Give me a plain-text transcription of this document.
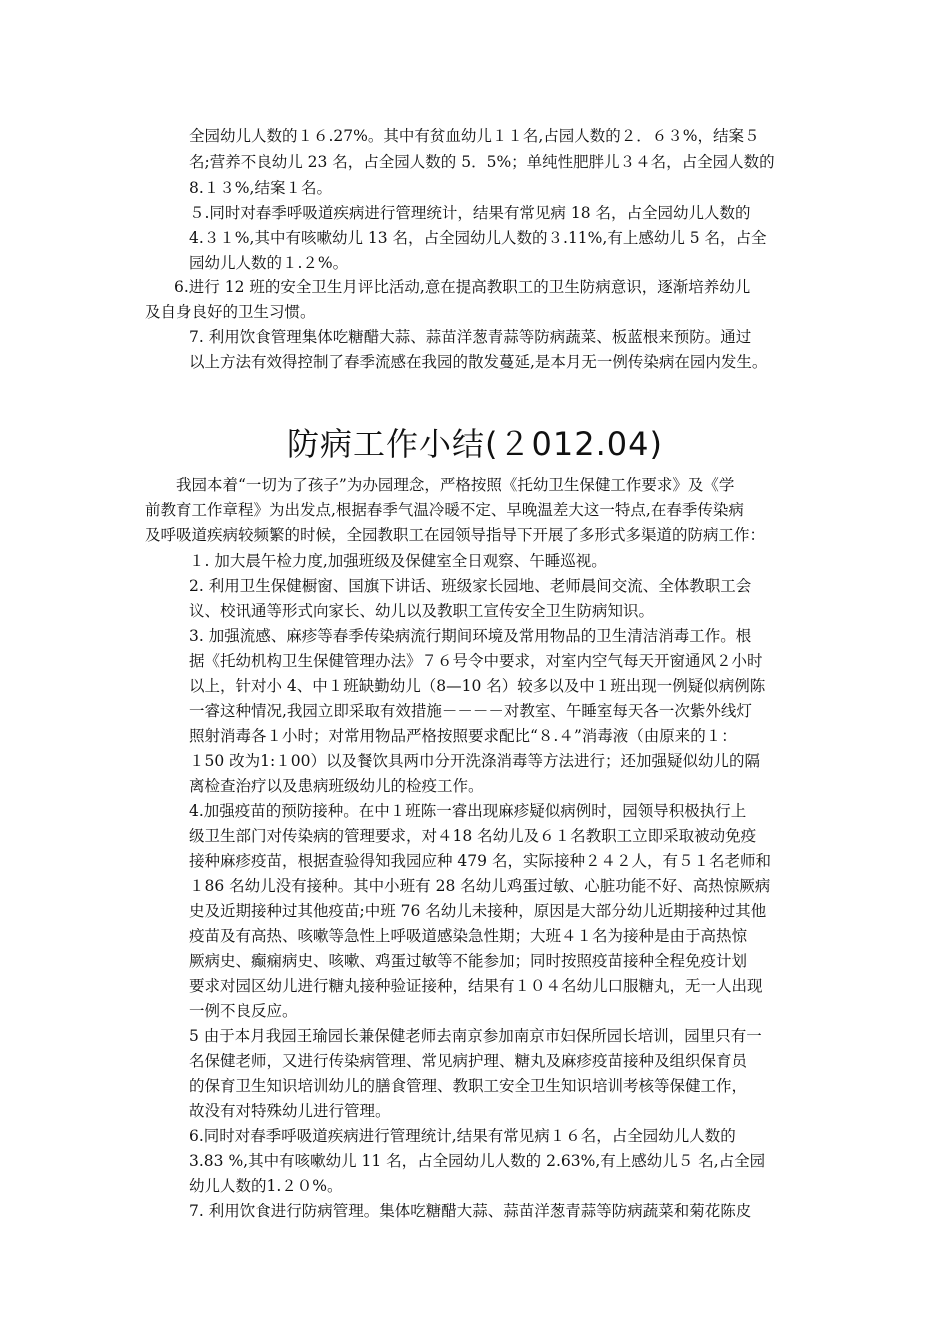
全园幼儿人数的１６.27%。其中有贫血幼儿１１名,占园人数的２．６３%，结案５
名;营养不良幼儿 23 名，占全园人数的 5．5%；单纯性肥胖儿３４名，占全园人数的
8.１３%,结案１名。
５.同时对春季呼吸道疾病进行管理统计，结果有常见病 18 名，占全园幼儿人数的
4.３１%,其中有咳嗽幼儿 13 名，占全园幼儿人数的３.11%,有上感幼儿 5 名，占全
园幼儿人数的１.２%。
6.进行 12 班的安全卫生月评比活动,意在提高教职工的卫生防病意识，逐渐培养幼儿
及自身良好的卫生习惯。
7. 利用饮食管理集体吃糖醋大蒜、蒜苗洋葱青蒜等防病蔬菜、板蓝根来预防。通过
以上方法有效得控制了春季流感在我园的散发蔓延,是本月无一例传染病在园内发生。
防病工作小结(２012.04)
我园本着“一切为了孩子”为办园理念，严格按照《托幼卫生保健工作要求》及《学
前教育工作章程》为出发点,根据春季气温冷暖不定、早晚温差大这一特点,在春季传染病
及呼吸道疾病较频繁的时候，全园教职工在园领导指导下开展了多形式多渠道的防病工作：
１. 加大晨午检力度,加强班级及保健室全日观察、午睡巡视。
2. 利用卫生保健橱窗、国旗下讲话、班级家长园地、老师晨间交流、全体教职工会
议、校讯通等形式向家长、幼儿以及教职工宣传安全卫生防病知识。
3. 加强流感、麻疹等春季传染病流行期间环境及常用物品的卫生清洁消毒工作。根
据《托幼机构卫生保健管理办法》７６号令中要求，对室内空气每天开窗通风２小时
以上，针对小 4、中１班缺勤幼儿（8—10 名）较多以及中１班出现一例疑似病例陈
一睿这种情况,我园立即采取有效措施－－－－对教室、午睡室每天各一次紫外线灯
照射消毒各１小时；对常用物品严格按照要求配比“８.４”消毒液（由原来的１：
１50 改为1:１00）以及餐饮具两巾分开洗涤消毒等方法进行；还加强疑似幼儿的隔
离检查治疗以及患病班级幼儿的检疫工作。
4.加强疫苗的预防接种。在中１班陈一睿出现麻疹疑似病例时，园领导积极执行上
级卫生部门对传染病的管理要求，对４18 名幼儿及６１名教职工立即采取被动免疫
接种麻疹疫苗，根据查验得知我园应种 479 名，实际接种２４２人，有５１名老师和
１86 名幼儿没有接种。其中小班有 28 名幼儿鸡蛋过敏、心脏功能不好、高热惊厥病
史及近期接种过其他疫苗;中班 76 名幼儿未接种，原因是大部分幼儿近期接种过其他
疫苗及有高热、咳嗽等急性上呼吸道感染急性期；大班４１名为接种是由于高热惊
厥病史、癫痫病史、咳嗽、鸡蛋过敏等不能参加；同时按照疫苗接种全程免疫计划
要求对园区幼儿进行糖丸接种验证接种，结果有１０４名幼儿口服糖丸，无一人出现
一例不良反应。
5 由于本月我园王瑜园长兼保健老师去南京参加南京市妇保所园长培训，园里只有一
名保健老师，又进行传染病管理、常见病护理、糖丸及麻疹疫苗接种及组织保育员
的保育卫生知识培训幼儿的膳食管理、教职工安全卫生知识培训考核等保健工作，
故没有对特殊幼儿进行管理。
6.同时对春季呼吸道疾病进行管理统计,结果有常见病１６名，占全园幼儿人数的
3.83 %,其中有咳嗽幼儿 11 名，占全园幼儿人数的 2.63%,有上感幼儿５ 名,占全园
幼儿人数的1.２０%。
7. 利用饮食进行防病管理。集体吃糖醋大蒜、蒜苗洋葱青蒜等防病蔬菜和菊花陈皮
